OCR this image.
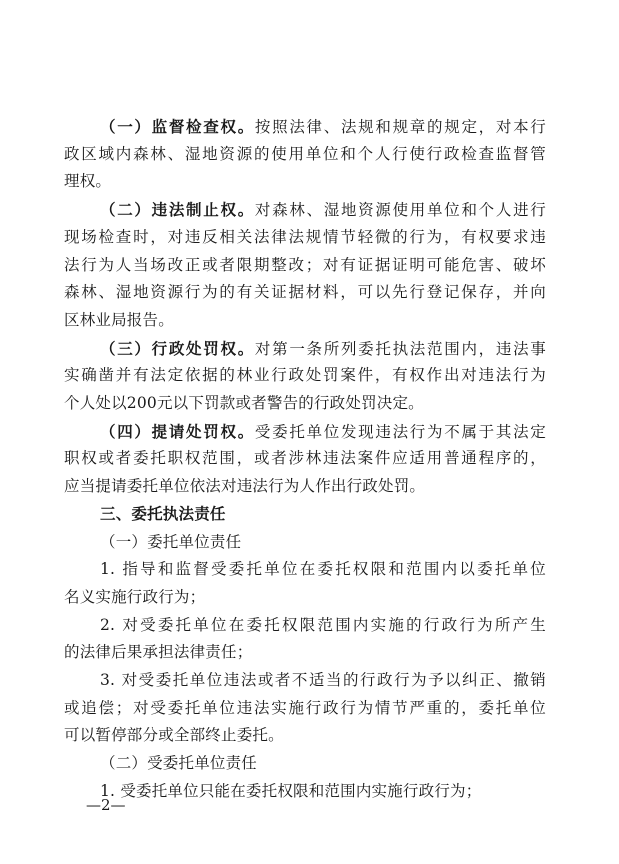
（一）监督检查权。按照法律、法规和规章的规定，对本行
政区域内森林、湿地资源的使用单位和个人行使行政检查监督管
理权。
（二）违法制止权。对森林、湿地资源使用单位和个人进行
现场检查时，对违反相关法律法规情节轻微的行为，有权要求违
法行为人当场改正或者限期整改；对有证据证明可能危害、破坏
森林、湿地资源行为的有关证据材料，可以先行登记保存，并向
区林业局报告。
（三）行政处罚权。对第一条所列委托执法范围内，违法事
实确凿并有法定依据的林业行政处罚案件，有权作出对违法行为
个人处以200元以下罚款或者警告的行政处罚决定。
（四）提请处罚权。受委托单位发现违法行为不属于其法定
职权或者委托职权范围，或者涉林违法案件应适用普通程序的，
应当提请委托单位依法对违法行为人作出行政处罚。
三、委托执法责任
（一）委托单位责任
1. 指导和监督受委托单位在委托权限和范围内以委托单位
名义实施行政行为；
2. 对受委托单位在委托权限范围内实施的行政行为所产生
的法律后果承担法律责任；
3. 对受委托单位违法或者不适当的行政行为予以纠正、撤销
或追偿；对受委托单位违法实施行政行为情节严重的，委托单位
可以暂停部分或全部终止委托。
（二）受委托单位责任
1. 受委托单位只能在委托权限和范围内实施行政行为；
—2—
